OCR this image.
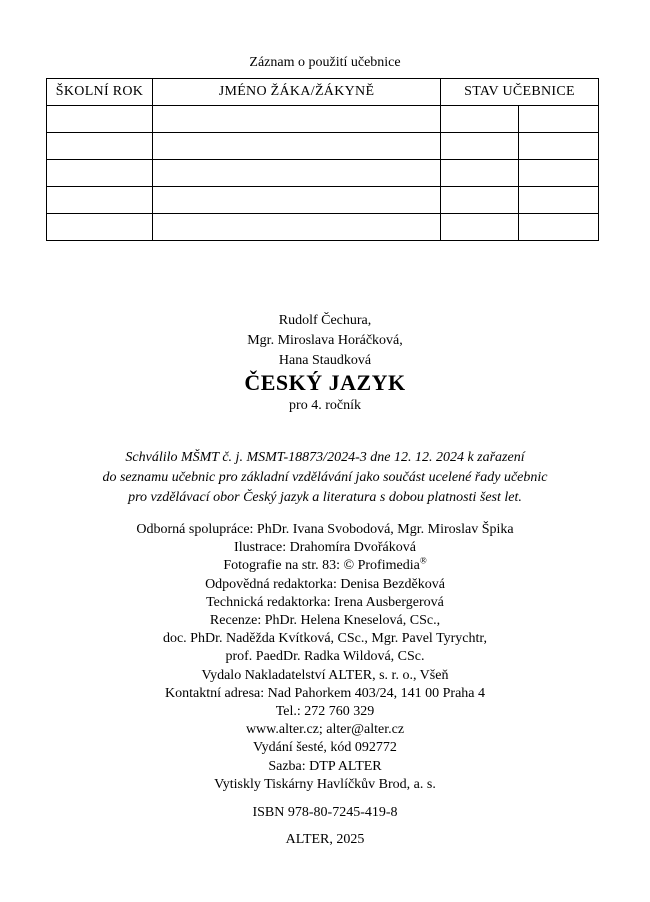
Záznam o použití učebnice
ŠKOLNÍ ROK	JMÉNO ŽÁKA/ŽÁKYNĚ	STAV UČEBNICE	

Rudolf Čechura,
Mgr. Miroslava Horáčková,
Hana Staudková
ČESKÝ JAZYK
pro 4. ročník
Schválilo MŠMT č. j. MSMT-18873/2024-3 dne 12. 12. 2024 k zařazení
do seznamu učebnic pro základní vzdělávání jako součást ucelené řady učebnic
pro vzdělávací obor Český jazyk a literatura s dobou platnosti šest let.
Odborná spolupráce: PhDr. Ivana Svobodová, Mgr. Miroslav Špika
Ilustrace: Drahomíra Dvořáková
Fotografie na str. 83: © Profimedia®
Odpovědná redaktorka: Denisa Bezděková
Technická redaktorka: Irena Ausbergerová
Recenze: PhDr. Helena Kneselová, CSc.,
doc. PhDr. Naděžda Kvítková, CSc., Mgr. Pavel Tyrychtr,
prof. PaedDr. Radka Wildová, CSc.
Vydalo Nakladatelství ALTER, s. r. o., Všeň
Kontaktní adresa: Nad Pahorkem 403/24, 141 00 Praha 4
Tel.: 272 760 329
www.alter.cz; alter@alter.cz
Vydání šesté, kód 092772
Sazba: DTP ALTER
Vytiskly Tiskárny Havlíčkův Brod, a. s.
ISBN 978-80-7245-419-8
ALTER, 2025
